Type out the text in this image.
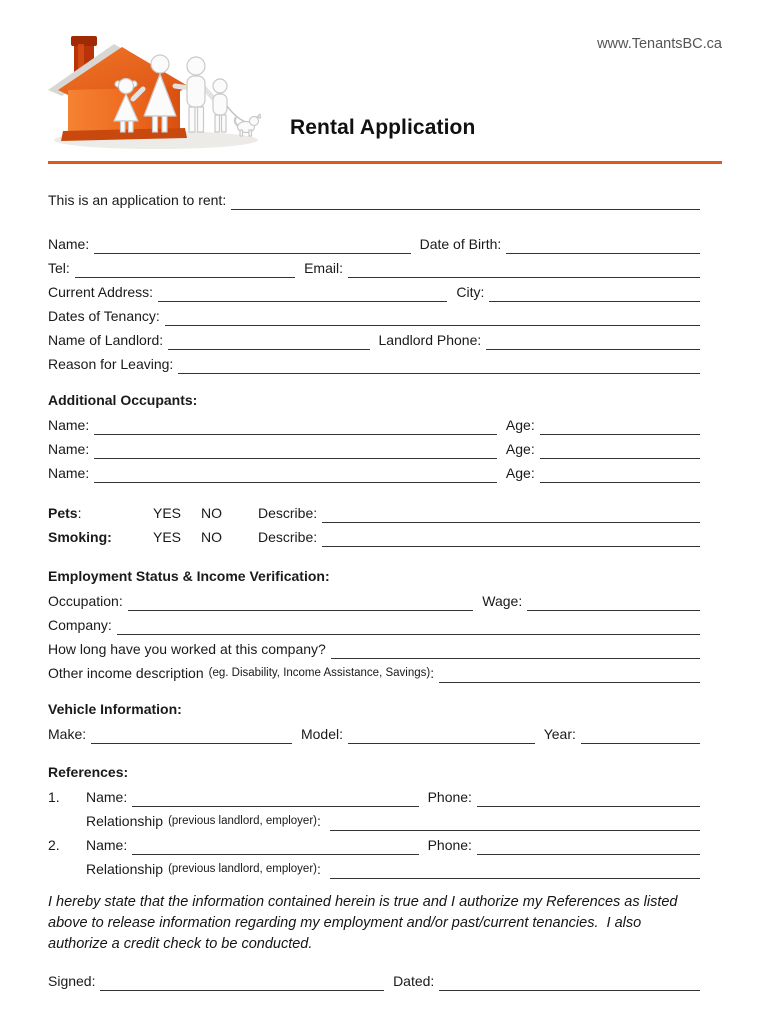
www.TenantsBC.ca
Rental Application
This is an application to rent:
Name:	Date of Birth:
Tel:	Email:
Current Address:	City:
Dates of Tenancy:
Name of Landlord:	Landlord Phone:
Reason for Leaving:
Additional Occupants:
Name:	Age:
Name:	Age:
Name:	Age:
Pets:	YES	NO	Describe:
Smoking:	YES	NO	Describe:
Employment Status & Income Verification:
Occupation:	Wage:
Company:
How long have you worked at this company?
Other income description (eg. Disability, Income Assistance, Savings) :
Vehicle Information:
Make:	Model:	Year:
References:
1.	Name:	Phone:
Relationship (previous landlord, employer) :
2.	Name:	Phone:
Relationship (previous landlord, employer) :
I hereby state that the information contained herein is true and I authorize my References as listed above to release information regarding my employment and/or past/current tenancies.  I also authorize a credit check to be conducted.
Signed:	Dated:
